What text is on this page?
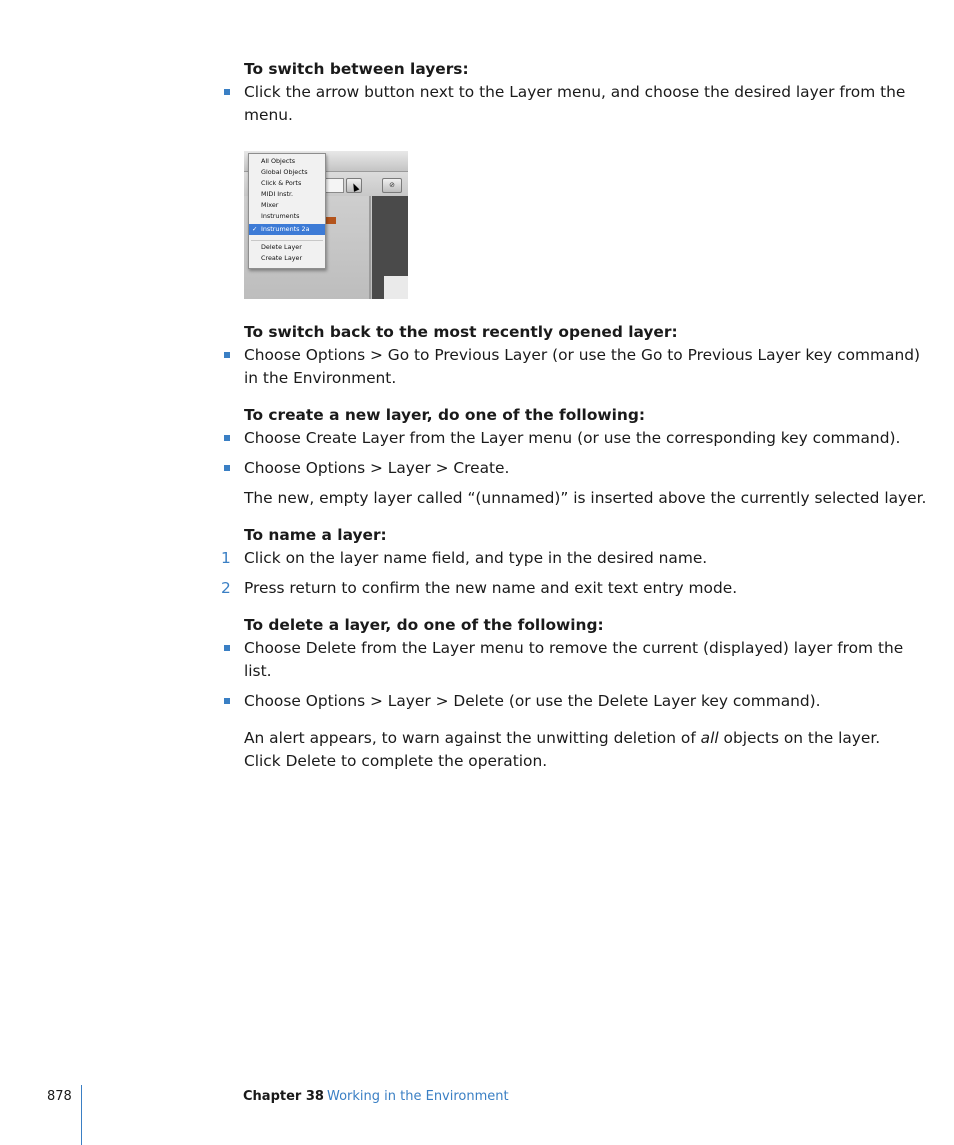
To switch between layers:
Click the arrow button next to the Layer menu, and choose the desired layer from the
menu.
⊘
All Objects
Global Objects
Click & Ports
MIDI Instr.
Mixer
Instruments
✓ Instruments 2a
Delete Layer
Create Layer
To switch back to the most recently opened layer:
Choose Options > Go to Previous Layer (or use the Go to Previous Layer key command)
in the Environment.
To create a new layer, do one of the following:
Choose Create Layer from the Layer menu (or use the corresponding key command).
Choose Options > Layer > Create.
The new, empty layer called “(unnamed)” is inserted above the currently selected layer.
To name a layer:
1 Click on the layer name field, and type in the desired name.
2 Press return to confirm the new name and exit text entry mode.
To delete a layer, do one of the following:
Choose Delete from the Layer menu to remove the current (displayed) layer from the
list.
Choose Options > Layer > Delete (or use the Delete Layer key command).
An alert appears, to warn against the unwitting deletion of all objects on the layer.
Click Delete to complete the operation.
878	Chapter 38 Working in the Environment
